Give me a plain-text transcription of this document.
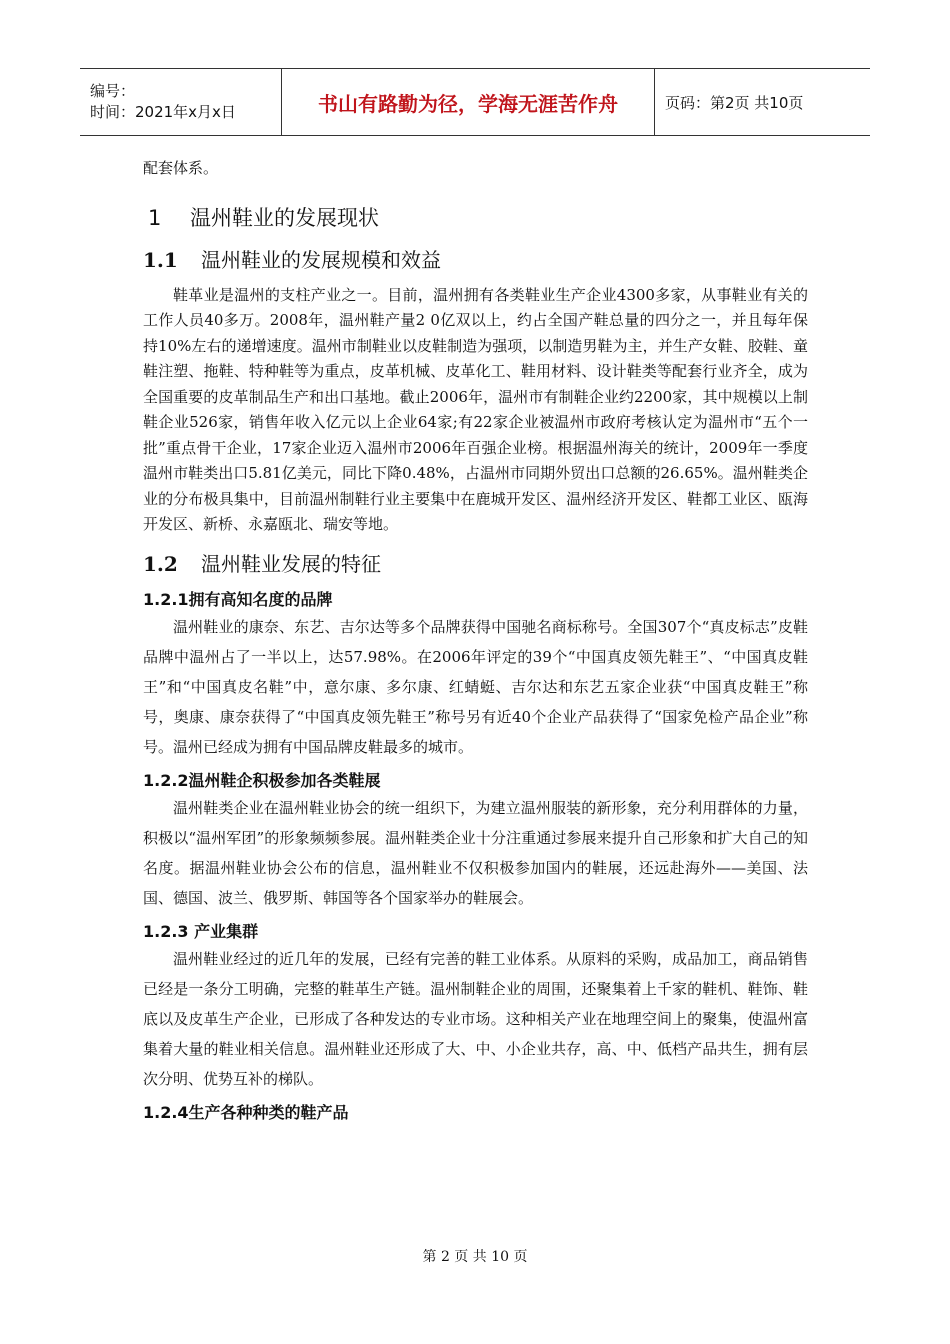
编号：
时间：2021年x月x日	书山有路勤为径，学海无涯苦作舟	页码：第2页 共10页

配套体系。

1 温州鞋业的发展现状
1.1 温州鞋业的发展规模和效益

鞋革业是温州的支柱产业之一。目前，温州拥有各类鞋业生产企业4300多家，从事鞋业有关的工作人员40多万。2008年，温州鞋产量2 0亿双以上，约占全国产鞋总量的四分之一，并且每年保持10%左右的递增速度。温州市制鞋业以皮鞋制造为强项，以制造男鞋为主，并生产女鞋、胶鞋、童鞋注塑、拖鞋、特种鞋等为重点，皮革机械、皮革化工、鞋用材料、设计鞋类等配套行业齐全，成为全国重要的皮革制品生产和出口基地。截止2006年，温州市有制鞋企业约2200家，其中规模以上制鞋企业526家，销售年收入亿元以上企业64家;有22家企业被温州市政府考核认定为温州市“五个一批”重点骨干企业，17家企业迈入温州市2006年百强企业榜。根据温州海关的统计，2009年一季度温州市鞋类出口5.81亿美元，同比下降0.48%，占温州市同期外贸出口总额的26.65%。温州鞋类企业的分布极具集中，目前温州制鞋行业主要集中在鹿城开发区、温州经济开发区、鞋都工业区、瓯海开发区、新桥、永嘉瓯北、瑞安等地。

1.2 温州鞋业发展的特征
1.2.1拥有高知名度的品牌

温州鞋业的康奈、东艺、吉尔达等多个品牌获得中国驰名商标称号。全国307个“真皮标志”皮鞋品牌中温州占了一半以上，达57.98%。在2006年评定的39个“中国真皮领先鞋王”、“中国真皮鞋王”和“中国真皮名鞋”中，意尔康、多尔康、红蜻蜓、吉尔达和东艺五家企业获“中国真皮鞋王”称号，奥康、康奈获得了“中国真皮领先鞋王”称号另有近40个企业产品获得了“国家免检产品企业”称号。温州已经成为拥有中国品牌皮鞋最多的城市。

1.2.2温州鞋企积极参加各类鞋展

温州鞋类企业在温州鞋业协会的统一组织下，为建立温州服装的新形象，充分利用群体的力量，积极以“温州军团”的形象频频参展。温州鞋类企业十分注重通过参展来提升自己形象和扩大自己的知名度。据温州鞋业协会公布的信息，温州鞋业不仅积极参加国内的鞋展，还远赴海外——美国、法国、德国、波兰、俄罗斯、韩国等各个国家举办的鞋展会。

1.2.3 产业集群

温州鞋业经过的近几年的发展，已经有完善的鞋工业体系。从原料的采购，成品加工，商品销售已经是一条分工明确，完整的鞋革生产链。温州制鞋企业的周围，还聚集着上千家的鞋机、鞋饰、鞋底以及皮革生产企业，已形成了各种发达的专业市场。这种相关产业在地理空间上的聚集，使温州富集着大量的鞋业相关信息。温州鞋业还形成了大、中、小企业共存，高、中、低档产品共生，拥有层次分明、优势互补的梯队。

1.2.4生产各种种类的鞋产品
第 2 页 共 10 页
